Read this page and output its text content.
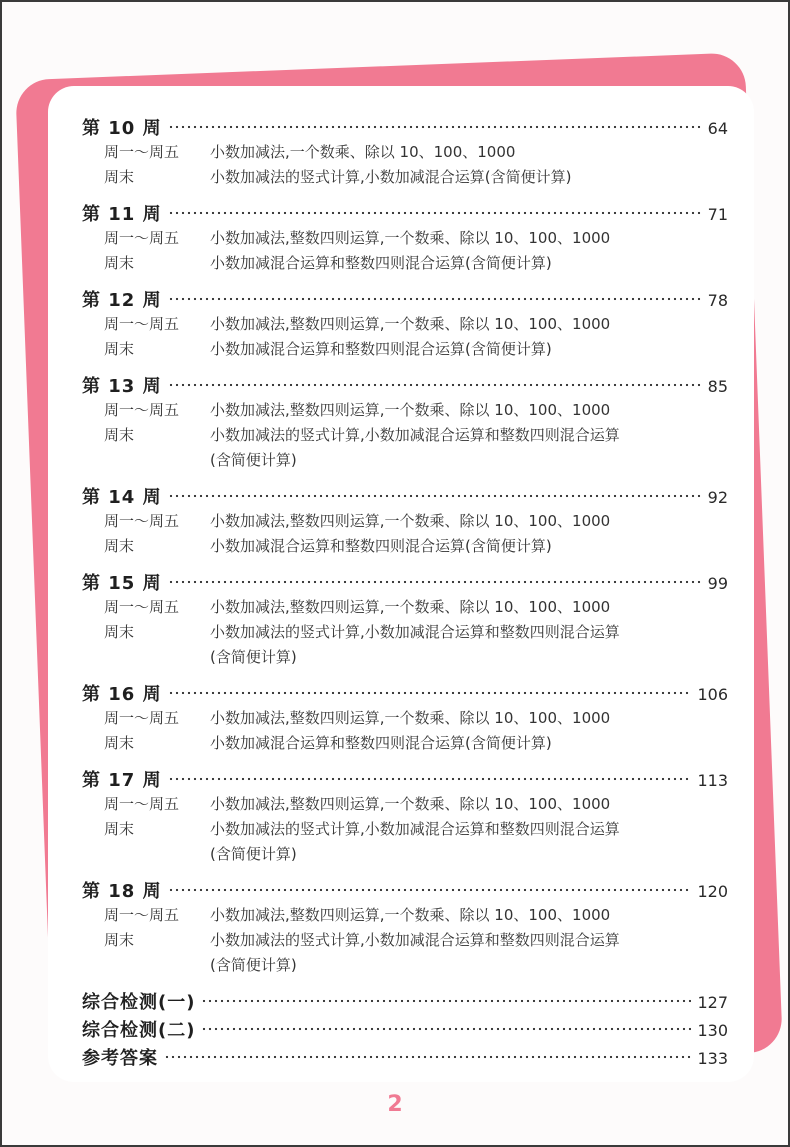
第 10 周	64
周一～周五	小数加减法,一个数乘、除以 10、100、1000
周末	小数加减法的竖式计算,小数加减混合运算(含简便计算)
第 11 周	71
周一～周五	小数加减法,整数四则运算,一个数乘、除以 10、100、1000
周末	小数加减混合运算和整数四则混合运算(含简便计算)
第 12 周	78
周一～周五	小数加减法,整数四则运算,一个数乘、除以 10、100、1000
周末	小数加减混合运算和整数四则混合运算(含简便计算)
第 13 周	85
周一～周五	小数加减法,整数四则运算,一个数乘、除以 10、100、1000
周末	小数加减法的竖式计算,小数加减混合运算和整数四则混合运算
(含简便计算)
第 14 周	92
周一～周五	小数加减法,整数四则运算,一个数乘、除以 10、100、1000
周末	小数加减混合运算和整数四则混合运算(含简便计算)
第 15 周	99
周一～周五	小数加减法,整数四则运算,一个数乘、除以 10、100、1000
周末	小数加减法的竖式计算,小数加减混合运算和整数四则混合运算
(含简便计算)
第 16 周	106
周一～周五	小数加减法,整数四则运算,一个数乘、除以 10、100、1000
周末	小数加减混合运算和整数四则混合运算(含简便计算)
第 17 周	113
周一～周五	小数加减法,整数四则运算,一个数乘、除以 10、100、1000
周末	小数加减法的竖式计算,小数加减混合运算和整数四则混合运算
(含简便计算)
第 18 周	120
周一～周五	小数加减法,整数四则运算,一个数乘、除以 10、100、1000
周末	小数加减法的竖式计算,小数加减混合运算和整数四则混合运算
(含简便计算)
综合检测(一)	127
综合检测(二)	130
参考答案	133
2
